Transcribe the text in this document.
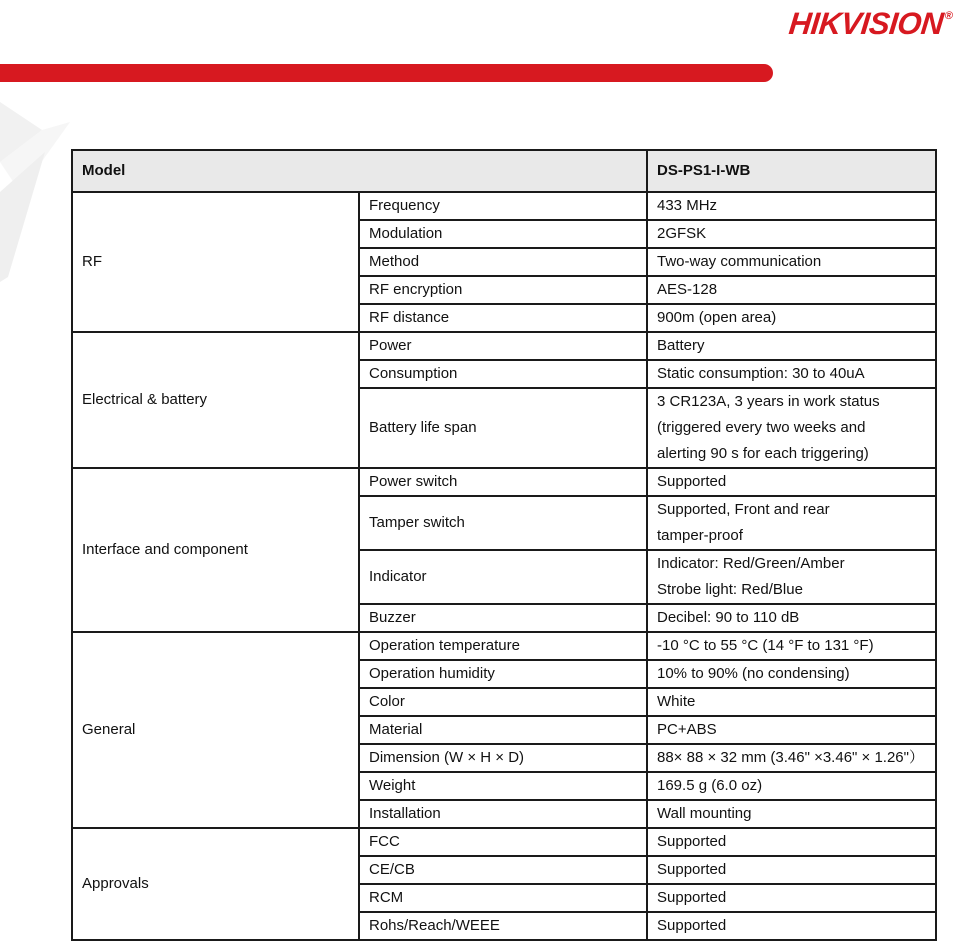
HIKVISION®
Model		DS-PS1-I-WB
RF	Frequency	433 MHz
	Modulation	2GFSK
	Method	Two-way communication
	RF encryption	AES-128
	RF distance	900m (open area)
Electrical & battery	Power	Battery
	Consumption	Static consumption: 30 to 40uA
	Battery life span	3 CR123A, 3 years in work status
(triggered every two weeks and
alerting 90 s for each triggering)

Interface and component	Power switch	Supported
	Tamper switch	Supported, Front and rear
tamper-proof

	Indicator	Indicator: Red/Green/Amber
Strobe light: Red/Blue

	Buzzer	Decibel: 90 to 110 dB
General	Operation temperature	-10 °C to 55 °C (14 °F to 131 °F)
	Operation humidity	10% to 90% (no condensing)
	Color	White
	Material	PC+ABS
	Dimension (W × H × D)	88× 88 × 32 mm (3.46" ×3.46" × 1.26"）
	Weight	169.5 g (6.0 oz)
	Installation	Wall mounting
Approvals	FCC	Supported
	CE/CB	Supported
	RCM	Supported
	Rohs/Reach/WEEE	Supported
